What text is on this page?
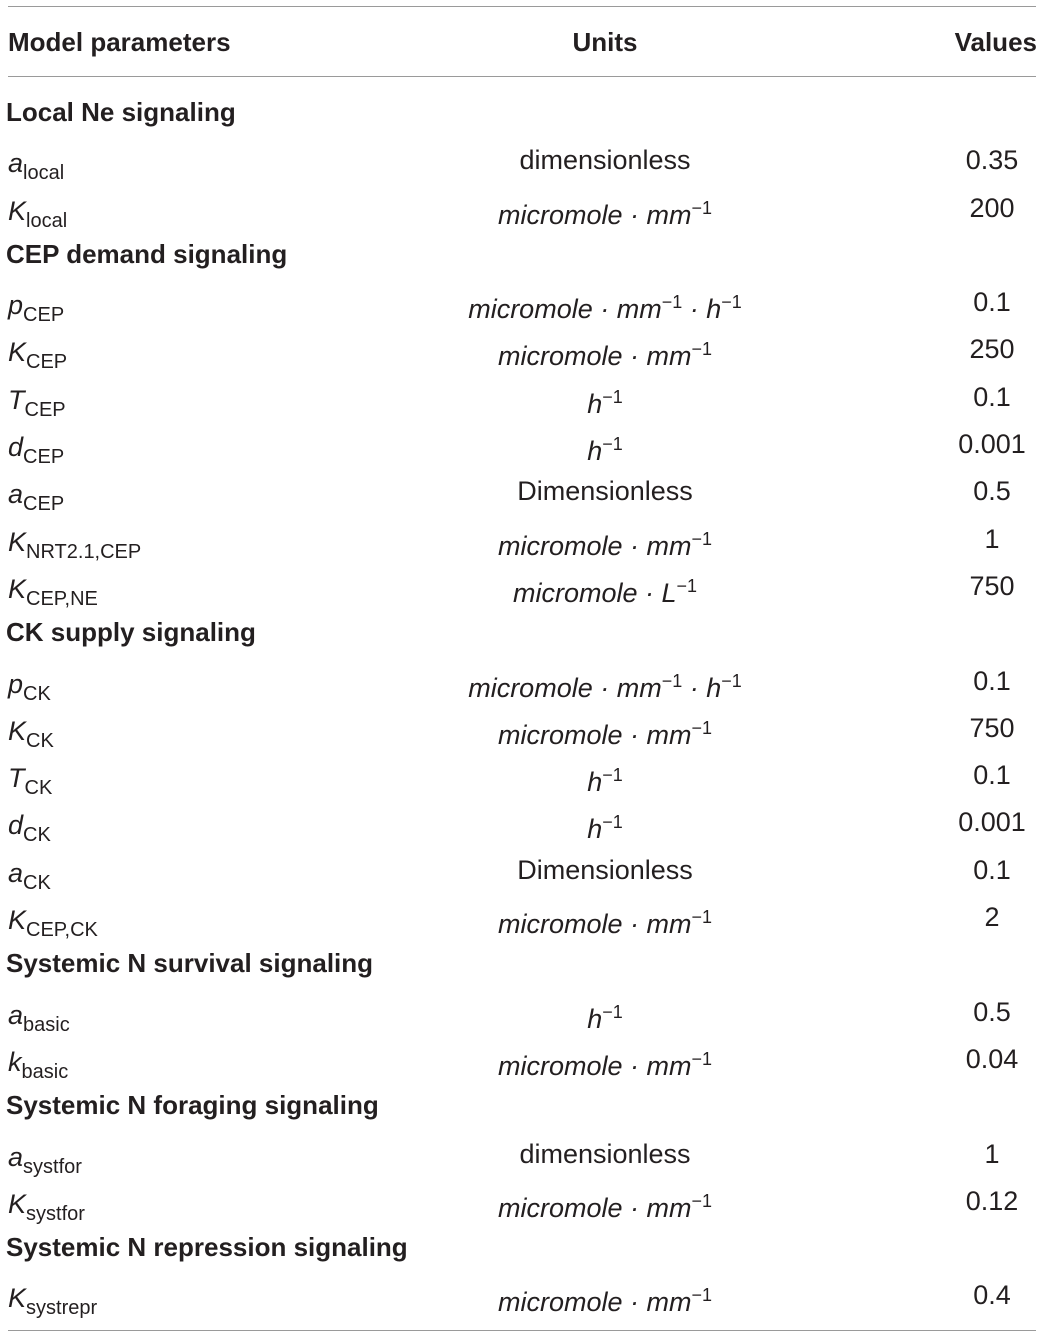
Model parameters	Units	Values
Local Ne signaling
$a_{local}$	dimensionless	0.35
$K_{local}$	micromole · $mm^{-1}$	200
CEP demand signaling
$p_{CEP}$	micromole · $mm^{-1} \cdot h^{-1}$	0.1
$K_{CEP}$	micromole · $mm^{-1}$	250
$T_{CEP}$	$h^{-1}$	0.1
$d_{CEP}$	$h^{-1}$	0.001
$a_{CEP}$	Dimensionless	0.5
$K_{NRT2.1,CEP}$	micromole · $mm^{-1}$	1
$K_{CEP,NE}$	micromole · $L^{-1}$	750
CK supply signaling
$p_{CK}$	micromole · $mm^{-1} \cdot h^{-1}$	0.1
$K_{CK}$	micromole · $mm^{-1}$	750
$T_{CK}$	$h^{-1}$	0.1
$d_{CK}$	$h^{-1}$	0.001
$a_{CK}$	Dimensionless	0.1
$K_{CEP,CK}$	micromole · $mm^{-1}$	2
Systemic N survival signaling
$a_{basic}$	$h^{-1}$	0.5
$k_{basic}$	micromole · $mm^{-1}$	0.04
Systemic N foraging signaling
$a_{systfor}$	dimensionless	1
$K_{systfor}$	micromole · $mm^{-1}$	0.12
Systemic N repression signaling
$K_{systrepr}$	micromole · $mm^{-1}$	0.4
